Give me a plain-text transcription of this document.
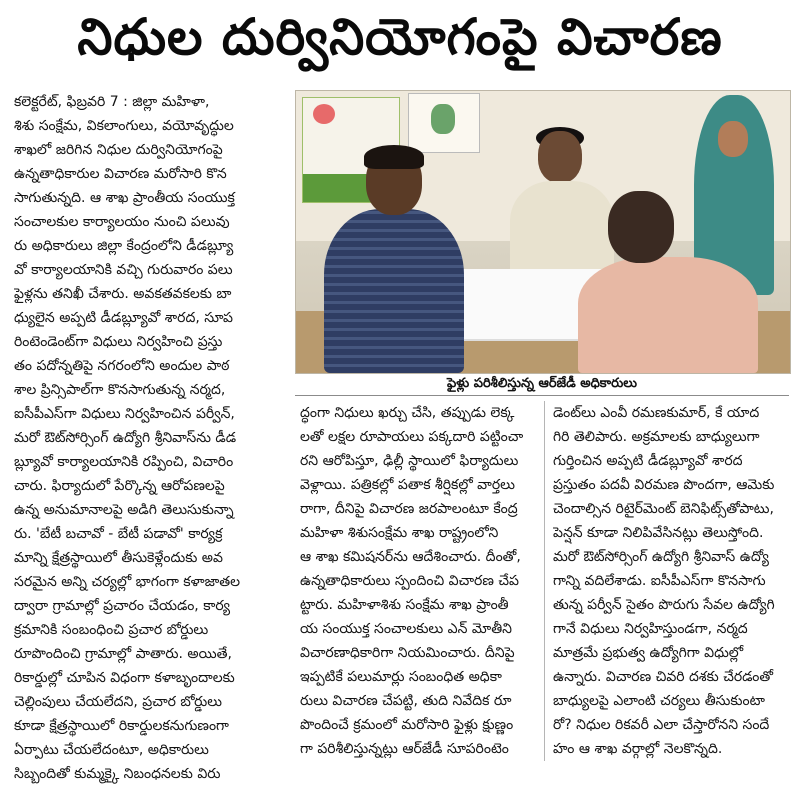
నిధుల దుర్వినియోగంపై విచారణ
కలెక్టరేట్‌, ఫిబ్రవరి 7 : జిల్లా మహిళా,
శిశు సంక్షేమ, వికలాంగులు, వయోవృద్ధుల
శాఖలో జరిగిన నిధుల దుర్వినియోగంపై
ఉన్నతాధికారుల విచారణ మరోసారి కొన
సాగుతున్నది. ఆ శాఖ ప్రాంతీయ సంయుక్త
సంచాలకుల కార్యాలయం నుంచి పలువు
రు అధికారులు జిల్లా కేంద్రంలోని డీడబ్ల్యూ
వో కార్యాలయానికి వచ్చి గురువారం పలు
ఫైళ్లను తనిఖీ చేశారు. అవకతవకలకు బా
ధ్యులైన అప్పటి డీడబ్ల్యూవో శారద, సూప
రింటెండెంట్‌గా విధులు నిర్వహించి ప్రస్తు
తం పదోన్నతిపై నగరంలోని అందుల పాఠ
శాల ప్రిన్సిపాల్‌గా కొనసాగుతున్న నర్మద,
ఐసీపీఎస్‌గా విధులు నిర్వహించిన పర్వీన్‌,
మరో ఔట్‌సోర్సింగ్‌ ఉద్యోగి శ్రీనివాస్‌ను డీడ
బ్ల్యూవో కార్యాలయానికి రప్పించి, విచారిం
చారు. ఫిర్యాదులో పేర్కొన్న ఆరోపణలపై
ఉన్న అనుమానాలపై అడిగి తెలుసుకున్నా
రు. 'బేటీ బచావో - బేటీ పడావో' కార్యక్ర
మాన్ని క్షేత్రస్థాయిలో తీసుకెళ్లేందుకు అవ
సరమైన అన్ని చర్యల్లో భాగంగా కళాజాతల
ద్వారా గ్రామాల్లో ప్రచారం చేయడం, కార్య
క్రమానికి సంబంధించి ప్రచార బోర్డులు
రూపొందించి గ్రామాల్లో పాతారు. అయితే,
రికార్డుల్లో చూపిన విధంగా కళాబృందాలకు
చెల్లింపులు చేయలేదని, ప్రచార బోర్డులు
కూడా క్షేత్రస్థాయిలో రికార్డులకనుగుణంగా
ఏర్పాటు చేయలేదంటూ, అధికారులు
సిబ్బందితో కుమ్మక్కై నిబంధనలకు విరు
ఫైళ్లు పరిశీలిస్తున్న ఆర్‌జేడీ అధికారులు
ద్ధంగా నిధులు ఖర్చు చేసి, తప్పుడు లెక్క
లతో లక్షల రూపాయలు పక్కదారి పట్టించా
రని ఆరోపిస్తూ, ఢిల్లీ స్థాయిలో ఫిర్యాదులు
వెళ్లాయి. పత్రికల్లో పతాక శీర్షికల్లో వార్తలు
రాగా, దీనిపై విచారణ జరపాలంటూ కేంద్ర
మహిళా శిశుసంక్షేమ శాఖ రాష్ట్రంలోని
ఆ శాఖ కమిషనర్‌ను ఆదేశించారు. దీంతో,
ఉన్నతాధికారులు స్పందించి విచారణ చేప
ట్టారు. మహిళాశిశు సంక్షేమ శాఖ ప్రాంతీ
య సంయుక్త సంచాలకులు ఎన్‌ మోతీని
విచారణాధికారిగా నియమించారు. దీనిపై
ఇప్పటికే పలుమార్లు సంబంధిత అధికా
రులు విచారణ చేపట్టి, తుది నివేదిక రూ
పొందించే క్రమంలో మరోసారి ఫైళ్లు క్షుణ్ణం
గా పరిశీలిస్తున్నట్లు ఆర్‌జేడీ సూపరింటెం
డెంట్‌లు ఎంవీ రమణకుమార్‌, కే యాద
గిరి తెలిపారు. అక్రమాలకు బాధ్యులుగా
గుర్తించిన అప్పటి డీడబ్ల్యూవో శారద
ప్రస్తుతం పదవీ విరమణ పొందగా, ఆమెకు
చెందాల్సిన రిటైర్‌మెంట్‌ బెనిఫిట్స్‌తోపాటు,
పెన్షన్‌ కూడా నిలిపివేసినట్లు తెలుస్తోంది.
మరో ఔట్‌సోర్సింగ్‌ ఉద్యోగి శ్రీనివాస్‌ ఉద్యో
గాన్ని వదిలేశాడు. ఐసీపీఎస్‌గా కొనసాగు
తున్న పర్వీన్‌ సైతం పొరుగు సేవల ఉద్యోగి
గానే విధులు నిర్వహిస్తుండగా, నర్మద
మాత్రమే ప్రభుత్వ ఉద్యోగిగా విధుల్లో
ఉన్నారు. విచారణ చివరి దశకు చేరడంతో
బాధ్యులపై ఎలాంటి చర్యలు తీసుకుంటా
రో? నిధుల రికవరీ ఎలా చేస్తారోనని సందే
హం ఆ శాఖ వర్గాల్లో నెలకొన్నది.
